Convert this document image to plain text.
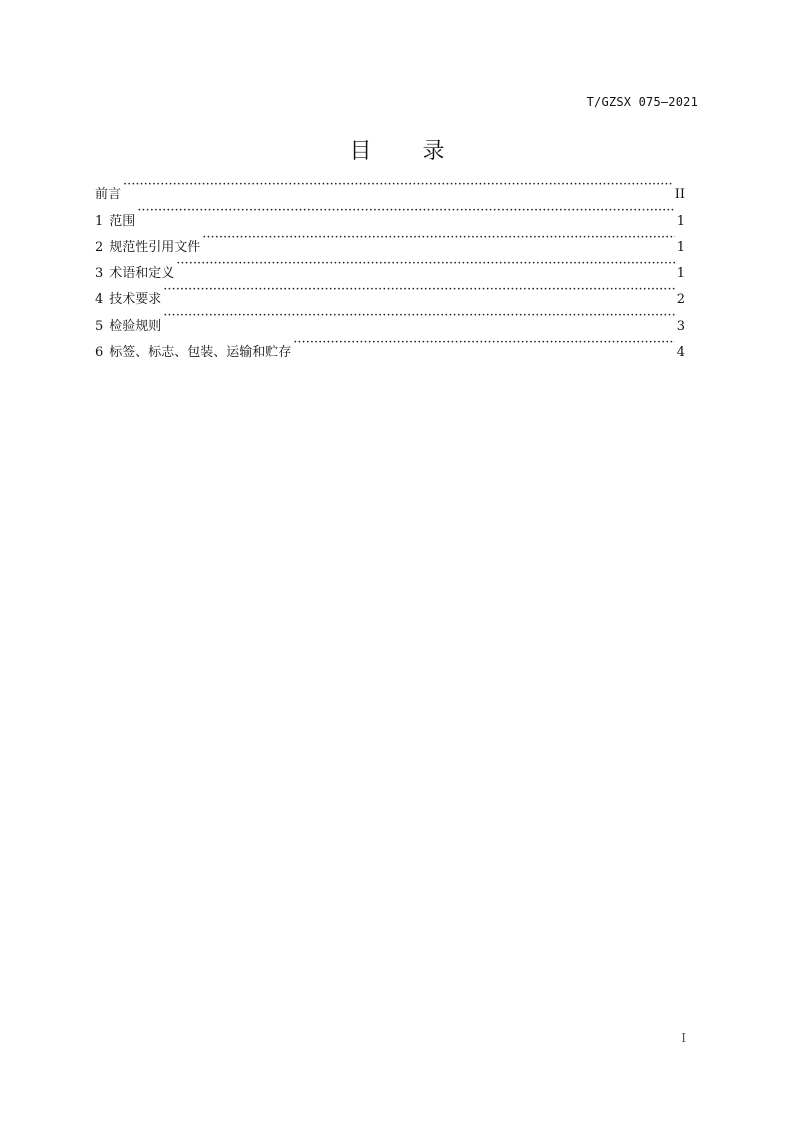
T/GZSX 075—2021
目 录
前言 ·····	II
1 范围 ·····	1
2 规范性引用文件 ·····	1
3 术语和定义 ·····	1
4 技术要求 ·····	2
5 检验规则 ·····	3
6 标签、标志、包装、运输和贮存 ·····	4
I
